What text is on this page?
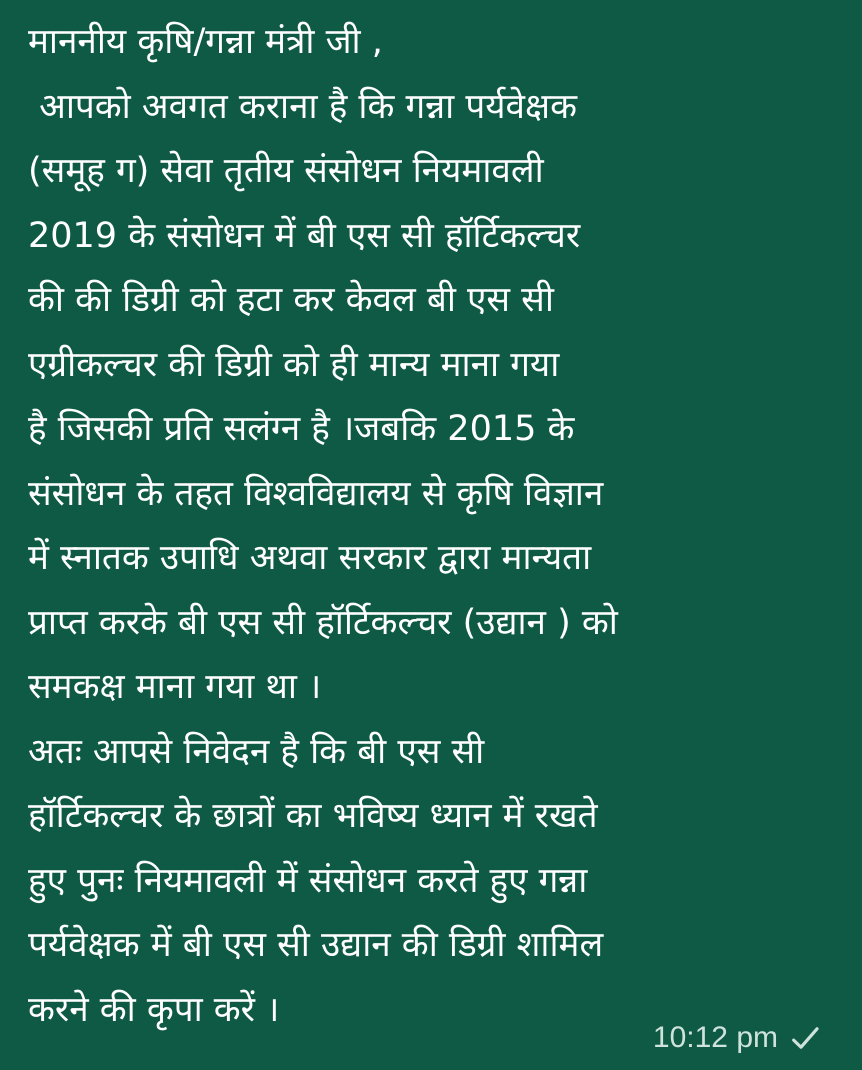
माननीय कृषि/गन्ना मंत्री जी ,
आपको अवगत कराना है कि गन्ना पर्यवेक्षक
(समूह ग) सेवा तृतीय संसोधन नियमावली
2019 के संसोधन में बी एस सी हॉर्टिकल्चर
की की डिग्री को हटा कर केवल बी एस सी
एग्रीकल्चर की डिग्री को ही मान्य माना गया
है जिसकी प्रति सलंग्न है ।जबकि 2015 के
संसोधन के तहत विश्वविद्यालय से कृषि विज्ञान
में स्नातक उपाधि अथवा सरकार द्वारा मान्यता
प्राप्त करके बी एस सी हॉर्टिकल्चर (उद्यान ) को
समकक्ष माना गया था ।
अतः आपसे निवेदन है कि बी एस सी
हॉर्टिकल्चर के छात्रों का भविष्य ध्यान में रखते
हुए पुनः नियमावली में संसोधन करते हुए गन्ना
पर्यवेक्षक में बी एस सी उद्यान की डिग्री शामिल
करने की कृपा करें ।
10:12 pm
